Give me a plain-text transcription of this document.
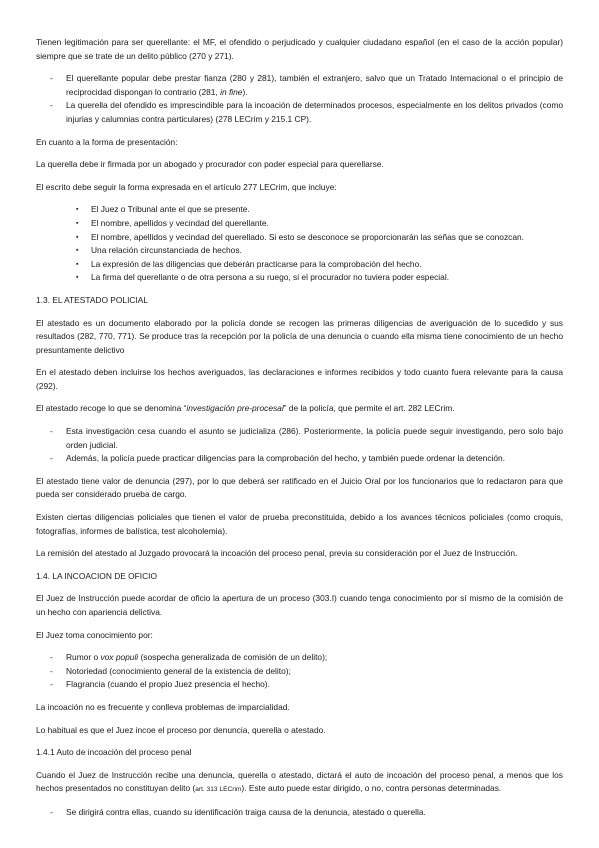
Tienen legitimación para ser querellante: el MF, el ofendido o perjudicado y cualquier ciudadano español (en el caso de la acción popular) siempre que se trate de un delito público (270 y 271).

- El querellante popular debe prestar fianza (280 y 281), también el extranjero, salvo que un Tratado Internacional o el principio de reciprocidad dispongan lo contrario (281, in fine).
- La querella del ofendido es imprescindible para la incoación de determinados procesos, especialmente en los delitos privados (como injurias y calumnias contra particulares) (278 LECrim y 215.1 CP).

En cuanto a la forma de presentación:

La querella debe ir firmada por un abogado y procurador con poder especial para querellarse.

El escrito debe seguir la forma expresada en el artículo 277 LECrim, que incluye:

▪ El Juez o Tribunal ante el que se presente.
▪ El nombre, apellidos y vecindad del querellante.
▪ El nombre, apellidos y vecindad del querellado. Si esto se desconoce se proporcionarán las señas que se conozcan.
▪ Una relación circunstanciada de hechos.
▪ La expresión de las diligencias que deberán practicarse para la comprobación del hecho.
▪ La firma del querellante o de otra persona a su ruego, si el procurador no tuviera poder especial.

1.3. EL ATESTADO POLICIAL

El atestado es un documento elaborado por la policía donde se recogen las primeras diligencias de averiguación de lo sucedido y sus resultados (282, 770, 771). Se produce tras la recepción por la policía de una denuncia o cuando ella misma tiene conocimiento de un hecho presuntamente delictivo

En el atestado deben incluirse los hechos averiguados, las declaraciones e informes recibidos y todo cuanto fuera relevante para la causa (292).

El atestado recoge lo que se denomina “investigación pre-procesal” de la policía, que permite el art. 282 LECrim.

- Esta investigación cesa cuando el asunto se judicializa (286). Posteriormente, la policía puede seguir investigando, pero solo bajo orden judicial.
- Además, la policía puede practicar diligencias para la comprobación del hecho, y también puede ordenar la detención.

El atestado tiene valor de denuncia (297), por lo que deberá ser ratificado en el Juicio Oral por los funcionarios que lo redactaron para que pueda ser considerado prueba de cargo.

Existen ciertas diligencias policiales que tienen el valor de prueba preconstituida, debido a los avances técnicos policiales (como croquis, fotografías, informes de balística, test alcoholemia).

La remisión del atestado al Juzgado provocará la incoación del proceso penal, previa su consideración por el Juez de Instrucción.

1.4. LA INCOACION DE OFICIO

El Juez de Instrucción puede acordar de oficio la apertura de un proceso (303.I) cuando tenga conocimiento por sí mismo de la comisión de un hecho con apariencia delictiva.

El Juez toma conocimiento por:

- Rumor o vox populi (sospecha generalizada de comisión de un delito);
- Notoriedad (conocimiento general de la existencia de delito);
- Flagrancia (cuando el propio Juez presencia el hecho).

La incoación no es frecuente y conlleva problemas de imparcialidad.

Lo habitual es que el Juez incoe el proceso por denuncia, querella o atestado.

1.4.1 Auto de incoación del proceso penal

Cuando el Juez de Instrucción recibe una denuncia, querella o atestado, dictará el auto de incoación del proceso penal, a menos que los hechos presentados no constituyan delito (art. 313 LECrim). Este auto puede estar dirigido, o no, contra personas determinadas.

- Se dirigirá contra ellas, cuando su identificación traiga causa de la denuncia, atestado o querella.
